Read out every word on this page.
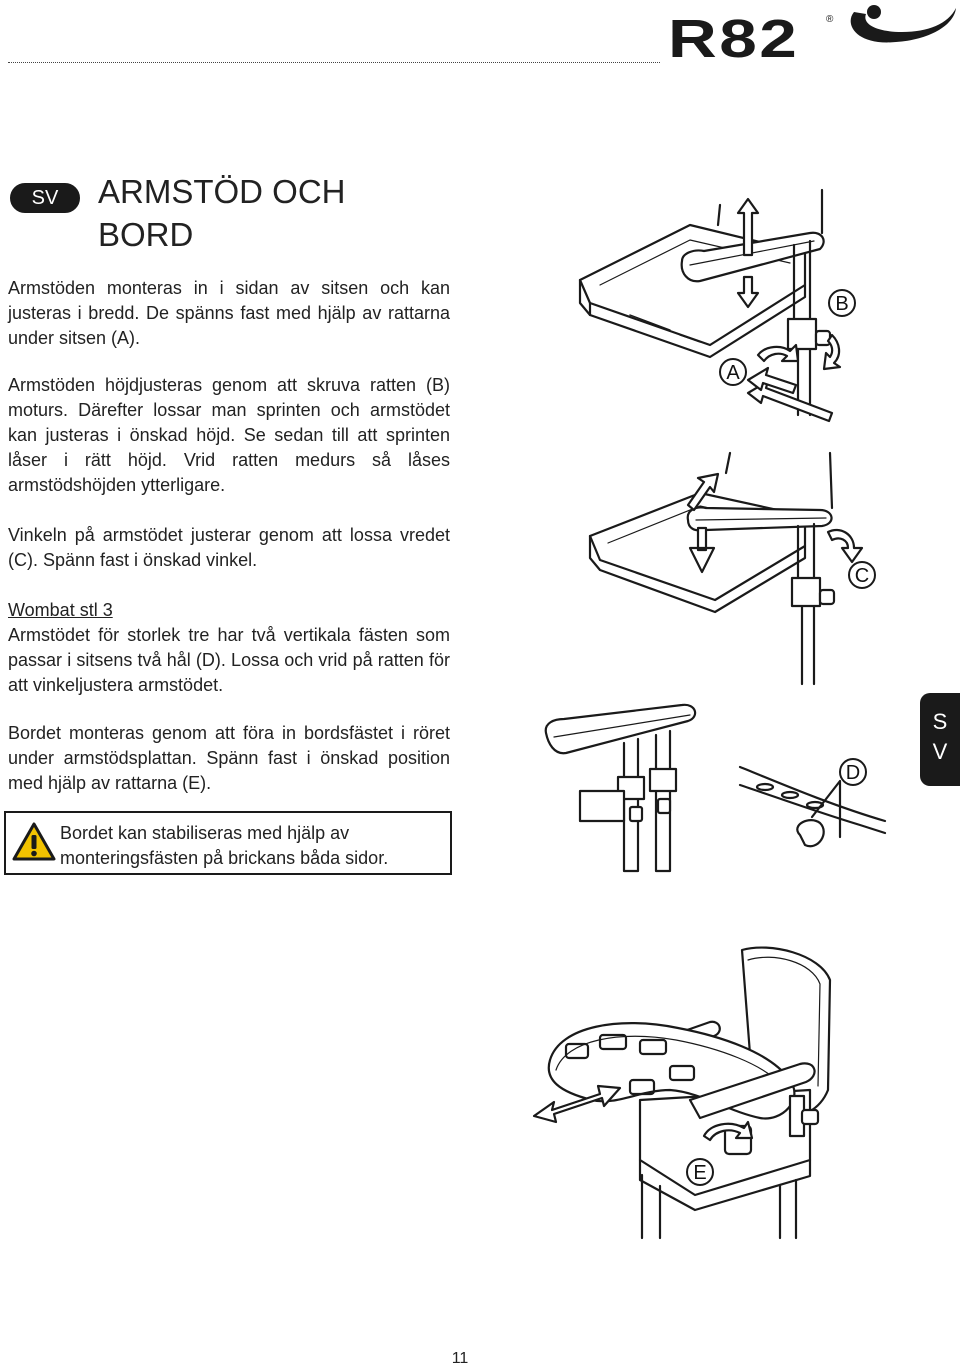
R82	®
SV	ARMSTÖD OCH BORD

Armstöden monteras in i sidan av sitsen och kan justeras i bredd. De spänns fast med hjälp av rattarna under sitsen (A).

Armstöden höjdjusteras genom att skruva ratten (B) moturs. Därefter lossar man sprinten och armstödet kan justeras i önskad höjd. Se sedan till att sprinten låser i rätt höjd. Vrid ratten medurs så låses armstödshöjden ytterligare.

Vinkeln på armstödet justerar genom att lossa vredet (C). Spänn fast i önskad vinkel.

Wombat stl 3
Armstödet för storlek tre har två vertikala fästen som passar i sitsens två hål (D). Lossa och vrid på ratten för att vinkeljustera armstödet.

Bordet monteras genom att föra in bordsfästet i röret under armstödsplattan. Spänn fast i önskad position med hjälp av rattarna (E).

Bordet kan stabiliseras med hjälp av monteringsfästen på brickans båda sidor.

S
V
A
B
C
D
E
11
